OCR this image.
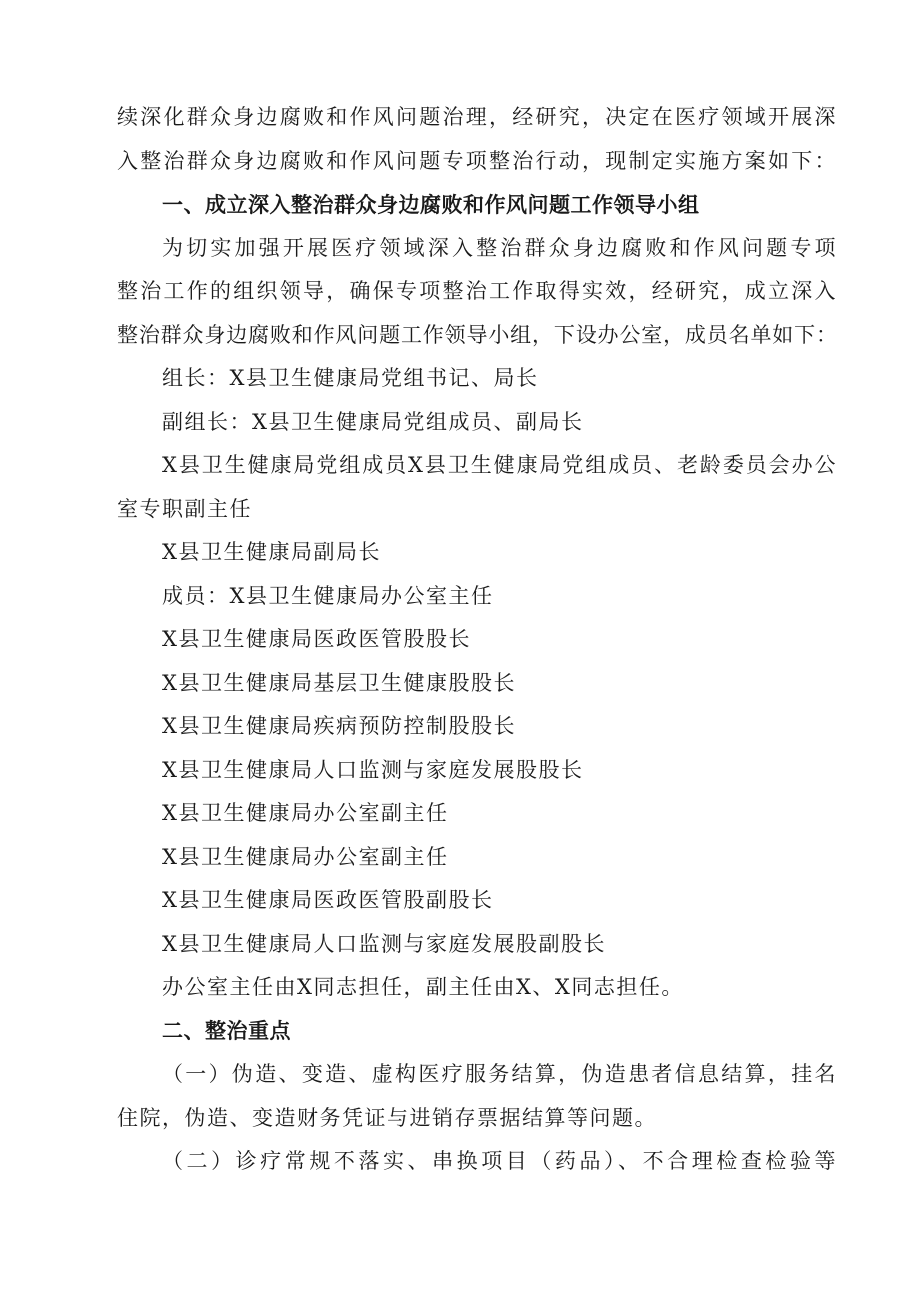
续深化群众身边腐败和作风问题治理，经研究，决定在医疗领域开展深
入整治群众身边腐败和作风问题专项整治行动，现制定实施方案如下：
一、成立深入整治群众身边腐败和作风问题工作领导小组
为切实加强开展医疗领域深入整治群众身边腐败和作风问题专项
整治工作的组织领导，确保专项整治工作取得实效，经研究，成立深入
整治群众身边腐败和作风问题工作领导小组，下设办公室，成员名单如下：
组长：X县卫生健康局党组书记、局长
副组长：X县卫生健康局党组成员、副局长
X县卫生健康局党组成员X县卫生健康局党组成员、老龄委员会办公
室专职副主任
X县卫生健康局副局长
成员：X县卫生健康局办公室主任
X县卫生健康局医政医管股股长
X县卫生健康局基层卫生健康股股长
X县卫生健康局疾病预防控制股股长
X县卫生健康局人口监测与家庭发展股股长
X县卫生健康局办公室副主任
X县卫生健康局办公室副主任
X县卫生健康局医政医管股副股长
X县卫生健康局人口监测与家庭发展股副股长
办公室主任由X同志担任，副主任由X、X同志担任。
二、整治重点
（一）伪造、变造、虚构医疗服务结算，伪造患者信息结算，挂名
住院，伪造、变造财务凭证与进销存票据结算等问题。
（二）诊疗常规不落实、串换项目（药品）、不合理检查检验等
